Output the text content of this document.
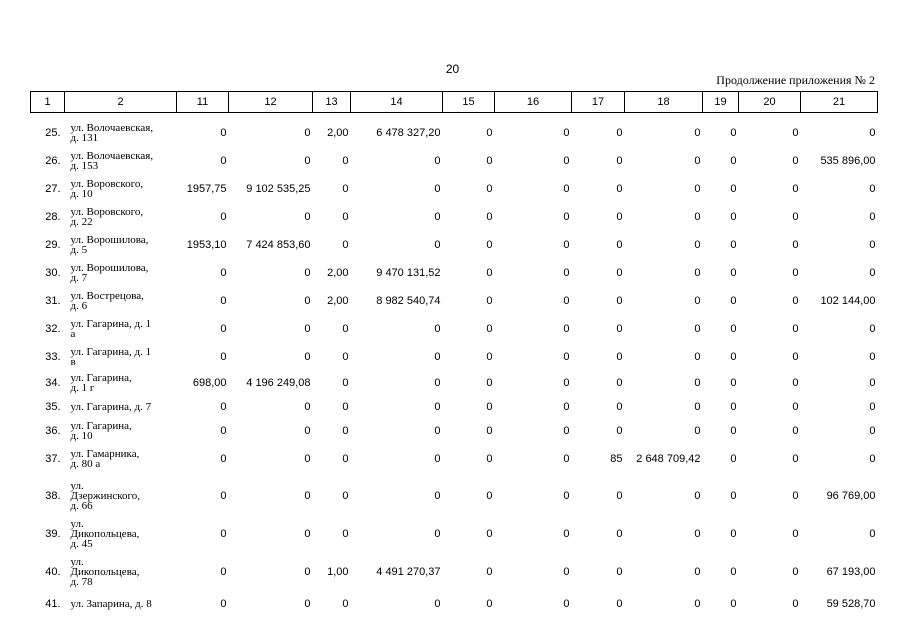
20
Продолжение приложения № 2
1	2	11	12	13	14	15	16	17	18	19	20	21

25.	ул. Волочаевская,
д. 131	0	0	2,00	6 478 327,20	0	0	0	0	0	0	0
26.	ул. Волочаевская,
д. 153	0	0	0	0	0	0	0	0	0	0	535 896,00
27.	ул. Воровского,
д. 10	1957,75	9 102 535,25	0	0	0	0	0	0	0	0	0
28.	ул. Воровского,
д. 22	0	0	0	0	0	0	0	0	0	0	0
29.	ул. Ворошилова,
д. 5	1953,10	7 424 853,60	0	0	0	0	0	0	0	0	0
30.	ул. Ворошилова,
д. 7	0	0	2,00	9 470 131,52	0	0	0	0	0	0	0
31.	ул. Вострецова,
д. 6	0	0	2,00	8 982 540,74	0	0	0	0	0	0	102 144,00
32.	ул. Гагарина, д. 1
а	0	0	0	0	0	0	0	0	0	0	0
33.	ул. Гагарина, д. 1
в	0	0	0	0	0	0	0	0	0	0	0
34.	ул. Гагарина,
д. 1 г	698,00	4 196 249,08	0	0	0	0	0	0	0	0	0
35.	ул. Гагарина, д. 7	0	0	0	0	0	0	0	0	0	0	0
36.	ул. Гагарина,
д. 10	0	0	0	0	0	0	0	0	0	0	0
37.	ул. Гамарника,
д. 80 а	0	0	0	0	0	0	85	2 648 709,42	0	0	0
38.	ул.
Дзержинского,
д. 66	0	0	0	0	0	0	0	0	0	0	96 769,00
39.	ул.
Дикопольцева,
д. 45	0	0	0	0	0	0	0	0	0	0	0
40.	ул.
Дикопольцева,
д. 78	0	0	1,00	4 491 270,37	0	0	0	0	0	0	67 193,00
41.	ул. Запарина, д. 8	0	0	0	0	0	0	0	0	0	0	59 528,70
